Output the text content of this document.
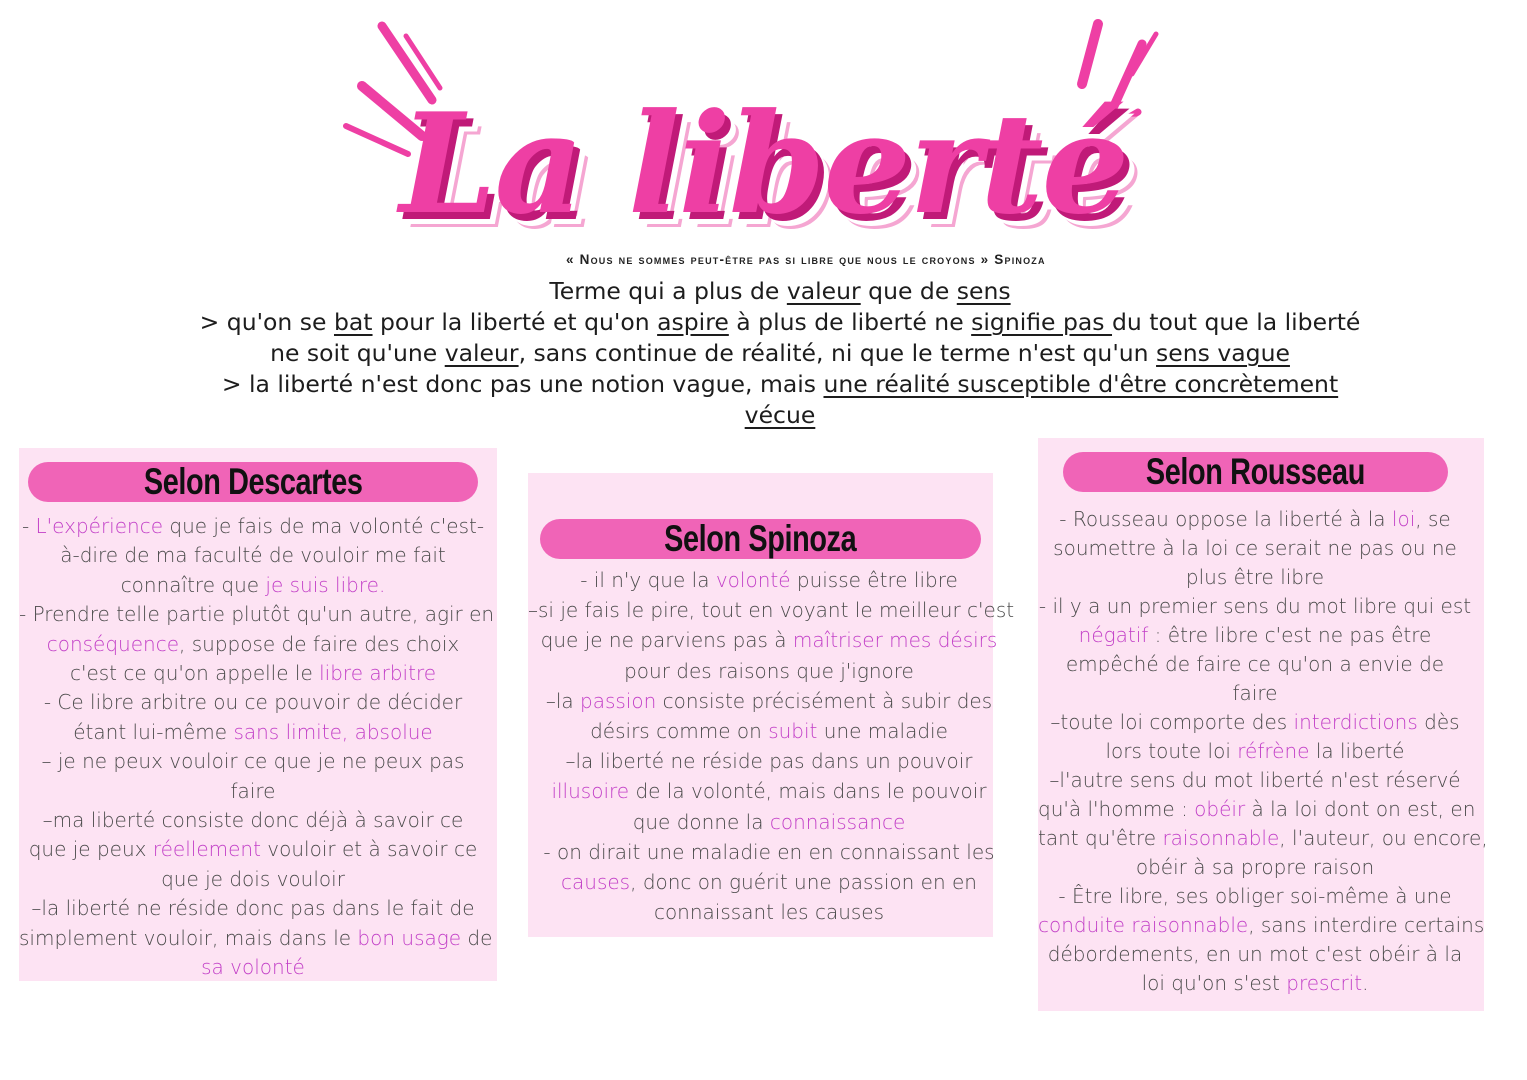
La liberté
« Nous ne sommes peut-être pas si libre que nous le croyons » Spinoza
Terme qui a plus de valeur que de sens
> qu'on se bat pour la liberté et qu'on aspire à plus de liberté ne signifie pas du tout que la liberté
ne soit qu'une valeur, sans continue de réalité, ni que le terme n'est qu'un sens vague
> la liberté n'est donc pas une notion vague, mais une réalité susceptible d'être concrètement
vécue
Selon Descartes
- L'expérience que je fais de ma volonté c'est-
à-dire de ma faculté de vouloir me fait
connaître que je suis libre.
- Prendre telle partie plutôt qu'un autre, agir en
conséquence, suppose de faire des choix
c'est ce qu'on appelle le libre arbitre
- Ce libre arbitre ou ce pouvoir de décider
étant lui-même sans limite, absolue
– je ne peux vouloir ce que je ne peux pas
faire
–ma liberté consiste donc déjà à savoir ce
que je peux réellement vouloir et à savoir ce
que je dois vouloir
–la liberté ne réside donc pas dans le fait de
simplement vouloir, mais dans le bon usage de
sa volonté
Selon Spinoza
- il n'y que la volonté puisse être libre
–si je fais le pire, tout en voyant le meilleur c'est
que je ne parviens pas à maîtriser mes désirs
pour des raisons que j'ignore
–la passion consiste précisément à subir des
désirs comme on subit une maladie
–la liberté ne réside pas dans un pouvoir
illusoire de la volonté, mais dans le pouvoir
que donne la connaissance
- on dirait une maladie en en connaissant les
causes, donc on guérit une passion en en
connaissant les causes
Selon Rousseau
- Rousseau oppose la liberté à la loi, se
soumettre à la loi ce serait ne pas ou ne
plus être libre
- il y a un premier sens du mot libre qui est
négatif : être libre c'est ne pas être
empêché de faire ce qu'on a envie de
faire
–toute loi comporte des interdictions dès
lors toute loi réfrène la liberté
–l'autre sens du mot liberté n'est réservé
qu'à l'homme : obéir à la loi dont on est, en
tant qu'être raisonnable, l'auteur, ou encore,
obéir à sa propre raison
- Être libre, ses obliger soi-même à une
conduite raisonnable, sans interdire certains
débordements, en un mot c'est obéir à la
loi qu'on s'est prescrit.
